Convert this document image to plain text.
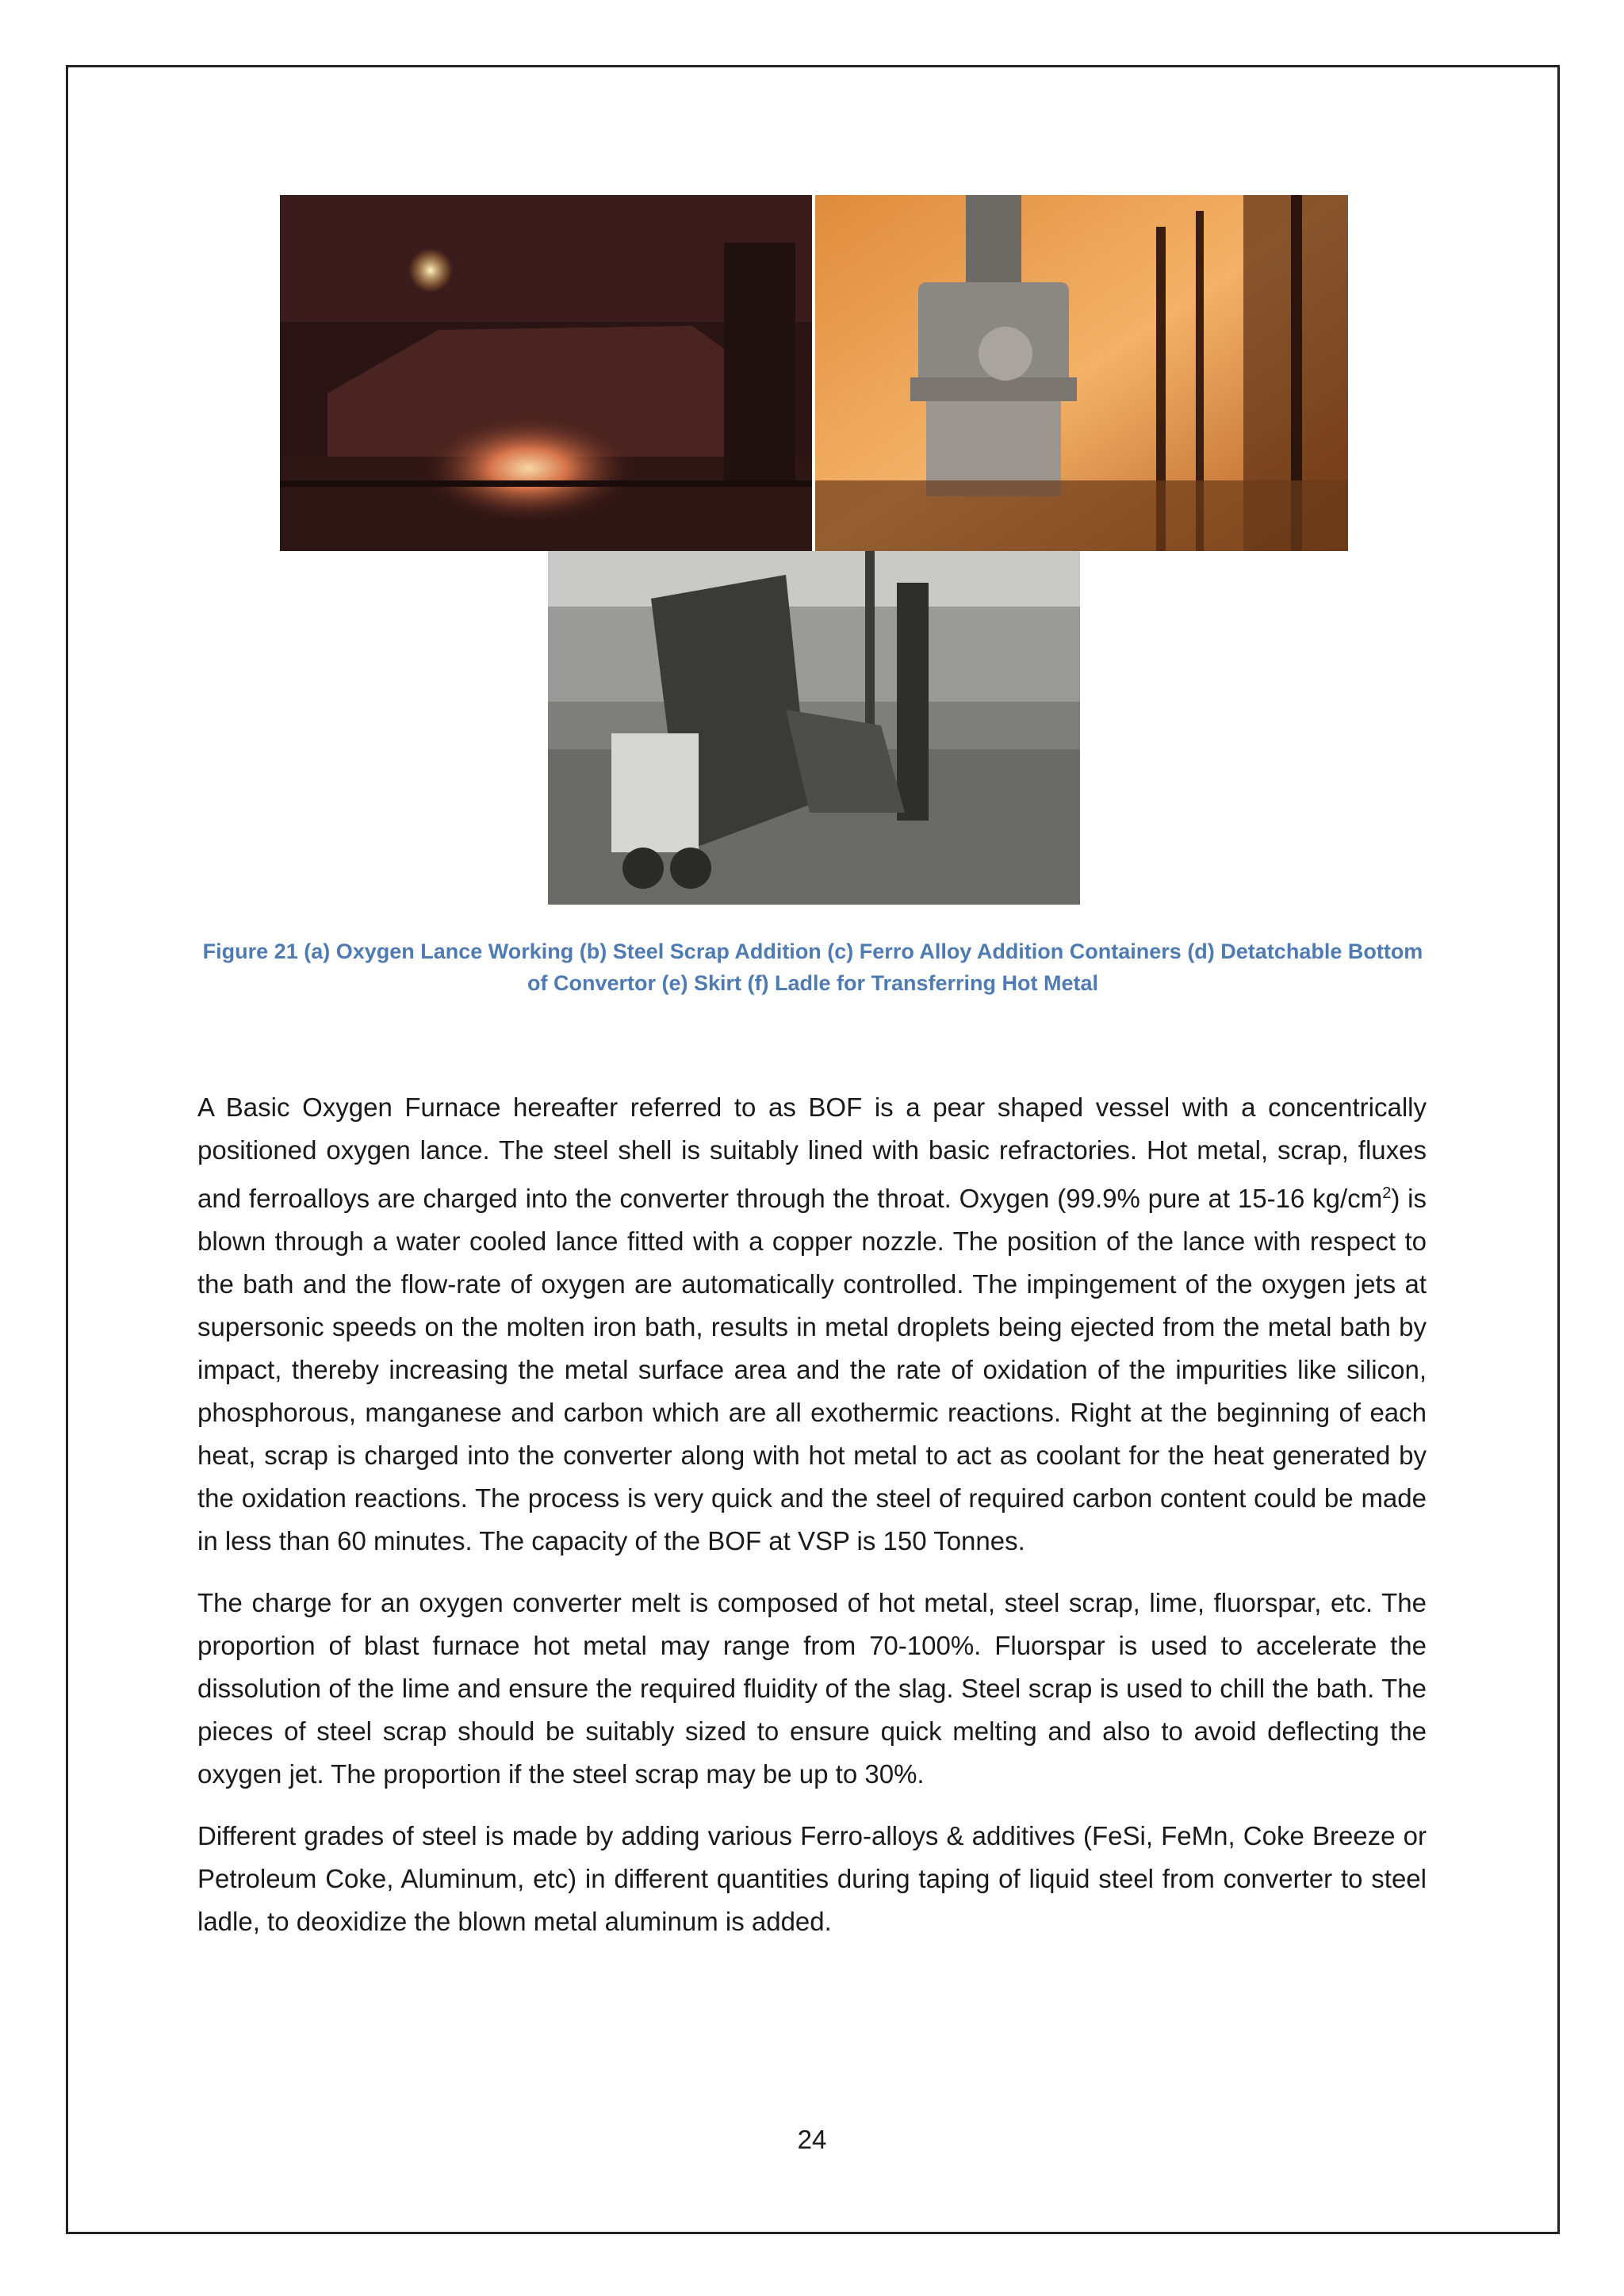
Figure 21 (a) Oxygen Lance Working (b) Steel Scrap Addition (c) Ferro Alloy Addition Containers (d) Detatchable Bottom
of Convertor (e) Skirt (f) Ladle for Transferring Hot Metal

A Basic Oxygen Furnace hereafter referred to as BOF is a pear shaped vessel with a concentrically positioned oxygen lance. The steel shell is suitably lined with basic refractories. Hot metal, scrap, fluxes and ferroalloys are charged into the converter through the throat. Oxygen (99.9% pure at 15-16 $kg/cm^2$) is blown through a water cooled lance fitted with a copper nozzle. The position of the lance with respect to the bath and the flow-rate of oxygen are automatically controlled. The impingement of the oxygen jets at supersonic speeds on the molten iron bath, results in metal droplets being ejected from the metal bath by impact, thereby increasing the metal surface area and the rate of oxidation of the impurities like silicon, phosphorous, manganese and carbon which are all exothermic reactions. Right at the beginning of each heat, scrap is charged into the converter along with hot metal to act as coolant for the heat generated by the oxidation reactions. The process is very quick and the steel of required carbon content could be made in less than 60 minutes. The capacity of the BOF at VSP is 150 Tonnes.

The charge for an oxygen converter melt is composed of hot metal, steel scrap, lime, fluorspar, etc. The proportion of blast furnace hot metal may range from 70-100%. Fluorspar is used to accelerate the dissolution of the lime and ensure the required fluidity of the slag. Steel scrap is used to chill the bath. The pieces of steel scrap should be suitably sized to ensure quick melting and also to avoid deflecting the oxygen jet. The proportion if the steel scrap may be up to 30%.

Different grades of steel is made by adding various Ferro-alloys & additives (FeSi, FeMn, Coke Breeze or Petroleum Coke, Aluminum, etc) in different quantities during taping of liquid steel from converter to steel ladle, to deoxidize the blown metal aluminum is added.

24
